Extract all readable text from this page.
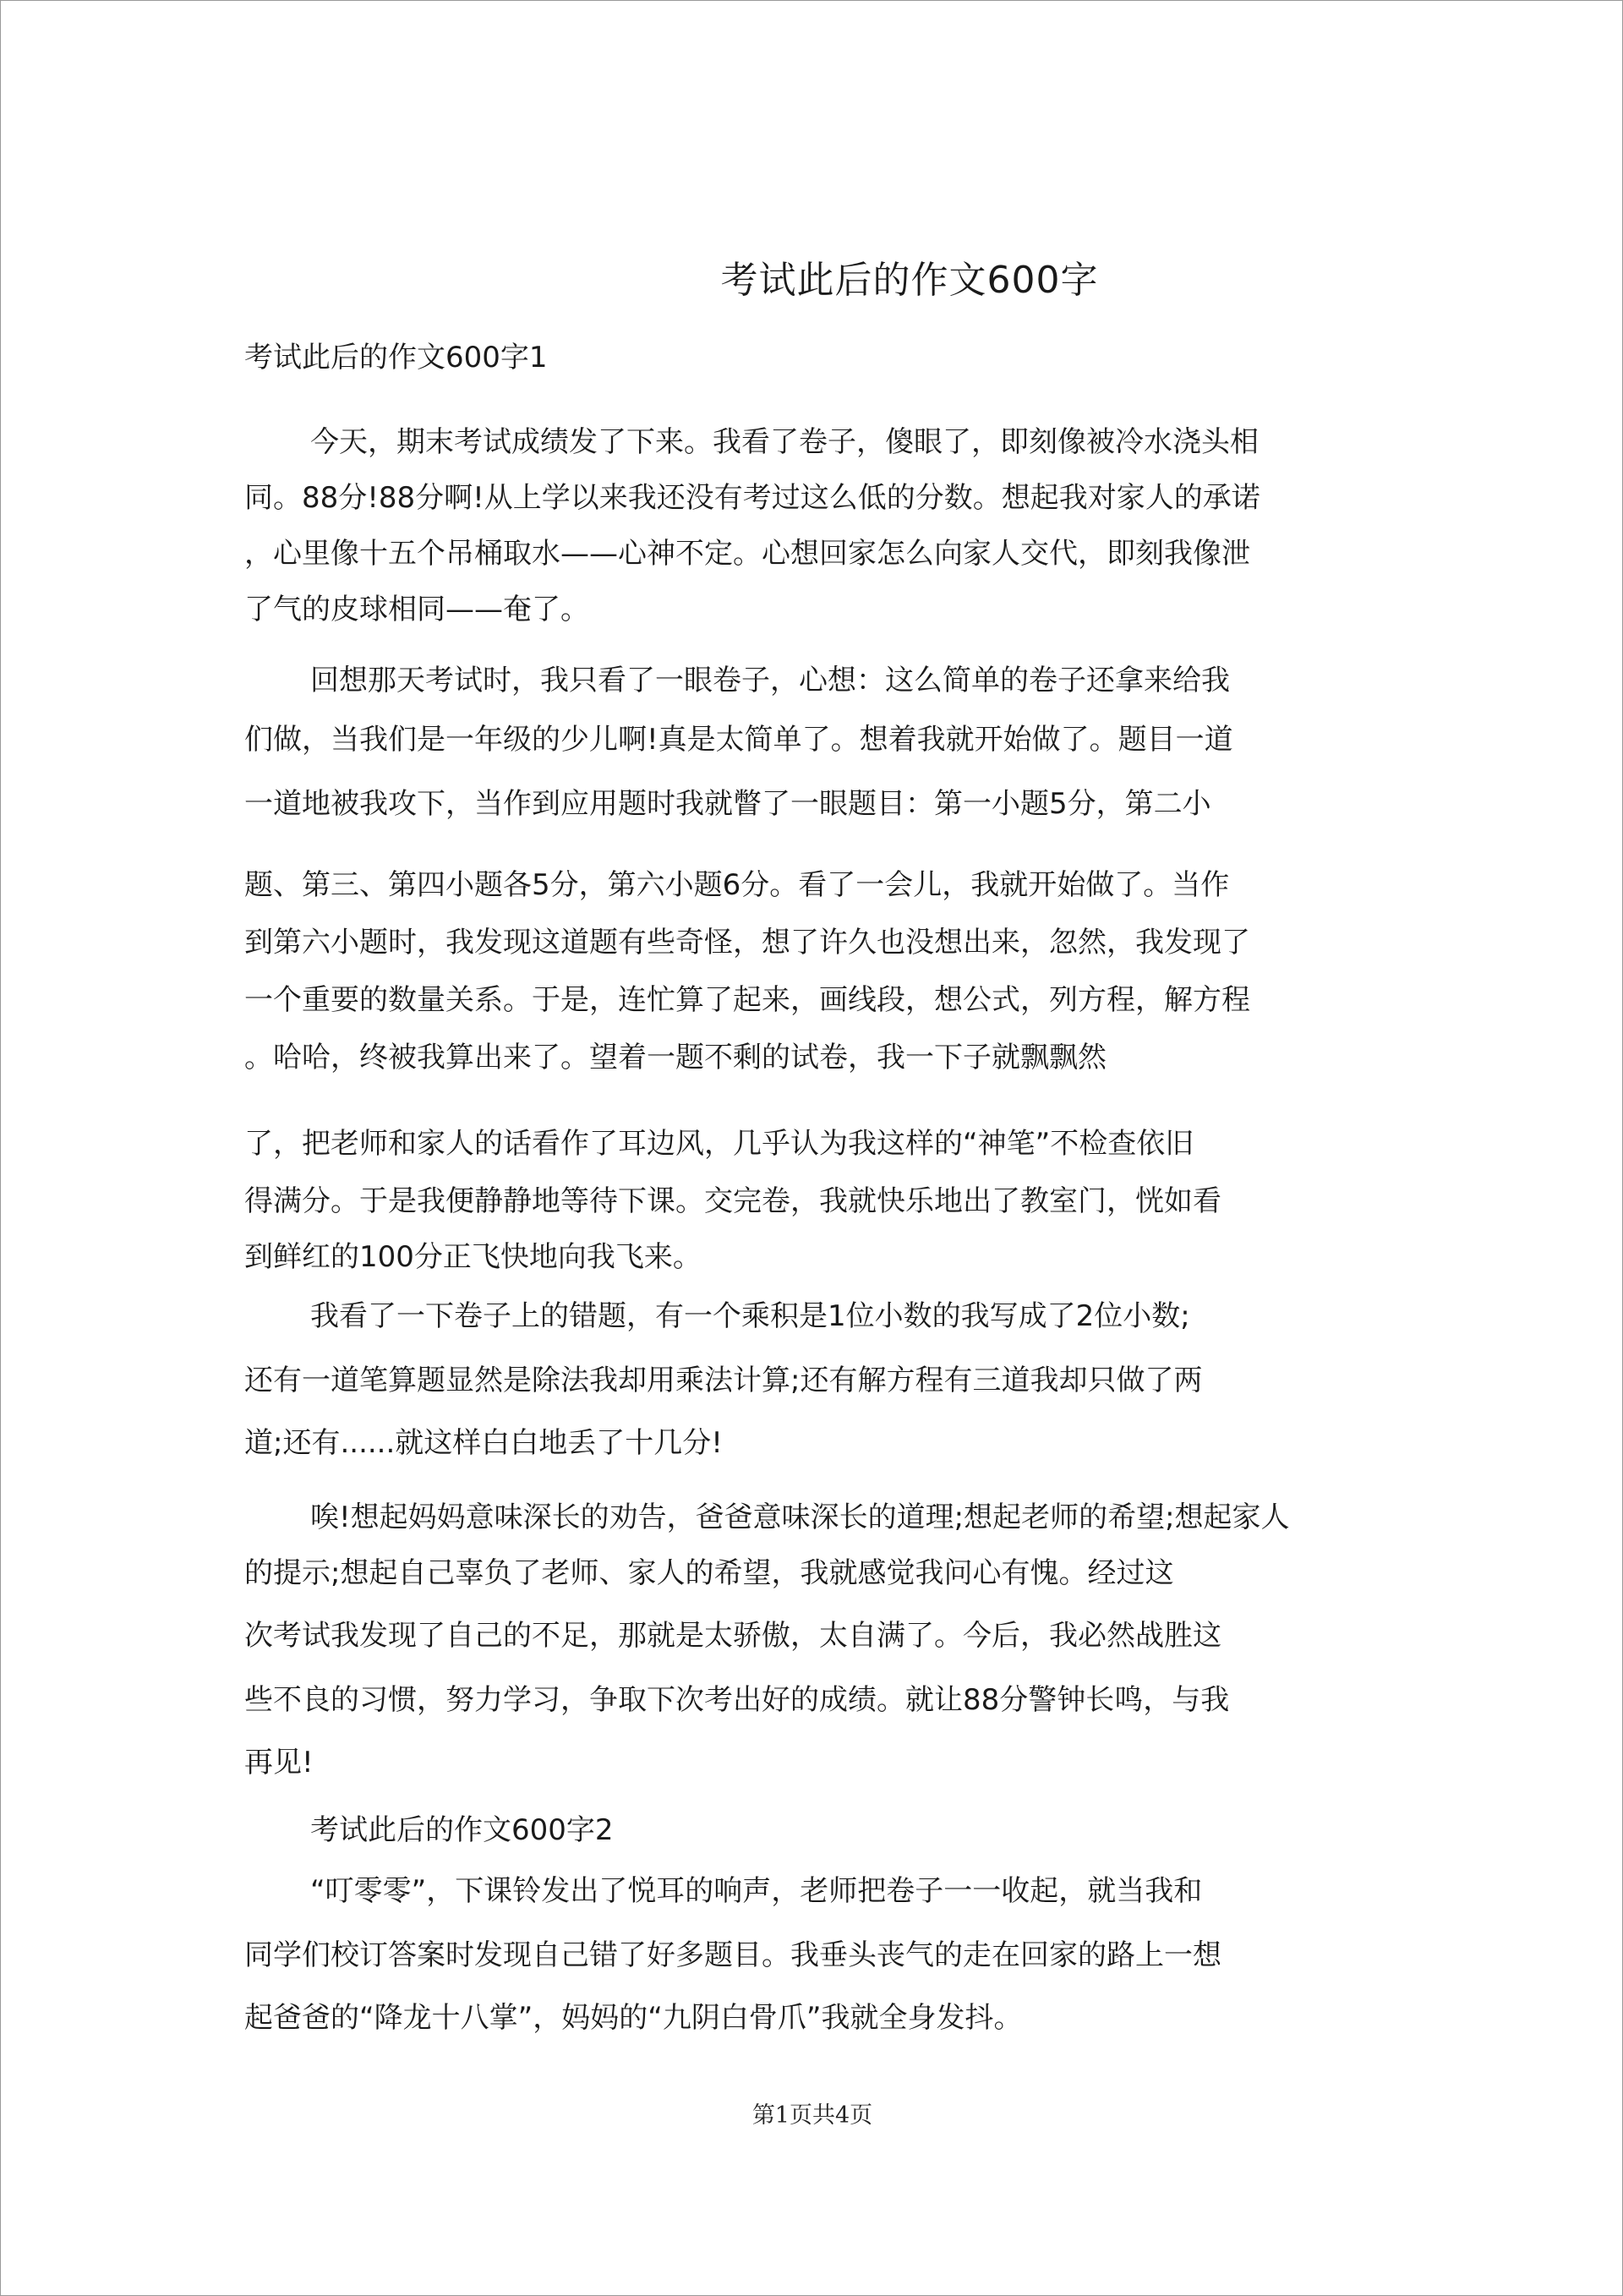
考试此后的作文600字
考试此后的作文600字1
今天，期末考试成绩发了下来。我看了卷子，傻眼了，即刻像被冷水浇头相
同。88分!88分啊!从上学以来我还没有考过这么低的分数。想起我对家人的承诺
，心里像十五个吊桶取水——心神不定。心想回家怎么向家人交代，即刻我像泄
了气的皮球相同——奄了。
回想那天考试时，我只看了一眼卷子，心想：这么简单的卷子还拿来给我
们做，当我们是一年级的少儿啊!真是太简单了。想着我就开始做了。题目一道
一道地被我攻下，当作到应用题时我就瞥了一眼题目：第一小题5分，第二小
题、第三、第四小题各5分，第六小题6分。看了一会儿，我就开始做了。当作
到第六小题时，我发现这道题有些奇怪，想了许久也没想出来，忽然，我发现了
一个重要的数量关系。于是，连忙算了起来，画线段，想公式，列方程，解方程
。哈哈，终被我算出来了。望着一题不剩的试卷，我一下子就飘飘然
了，把老师和家人的话看作了耳边风，几乎认为我这样的“神笔”不检查依旧
得满分。于是我便静静地等待下课。交完卷，我就快乐地出了教室门，恍如看
到鲜红的100分正飞快地向我飞来。
我看了一下卷子上的错题，有一个乘积是1位小数的我写成了2位小数;
还有一道笔算题显然是除法我却用乘法计算;还有解方程有三道我却只做了两
道;还有......就这样白白地丢了十几分!
唉!想起妈妈意味深长的劝告，爸爸意味深长的道理;想起老师的希望;想起家人
的提示;想起自己辜负了老师、家人的希望，我就感觉我问心有愧。经过这
次考试我发现了自己的不足，那就是太骄傲，太自满了。今后，我必然战胜这
些不良的习惯，努力学习，争取下次考出好的成绩。就让88分警钟长鸣，与我
再见!
考试此后的作文600字2
“叮零零”，下课铃发出了悦耳的响声，老师把卷子一一收起，就当我和
同学们校订答案时发现自己错了好多题目。我垂头丧气的走在回家的路上一想
起爸爸的“降龙十八掌”，妈妈的“九阴白骨爪”我就全身发抖。
第1页共4页
